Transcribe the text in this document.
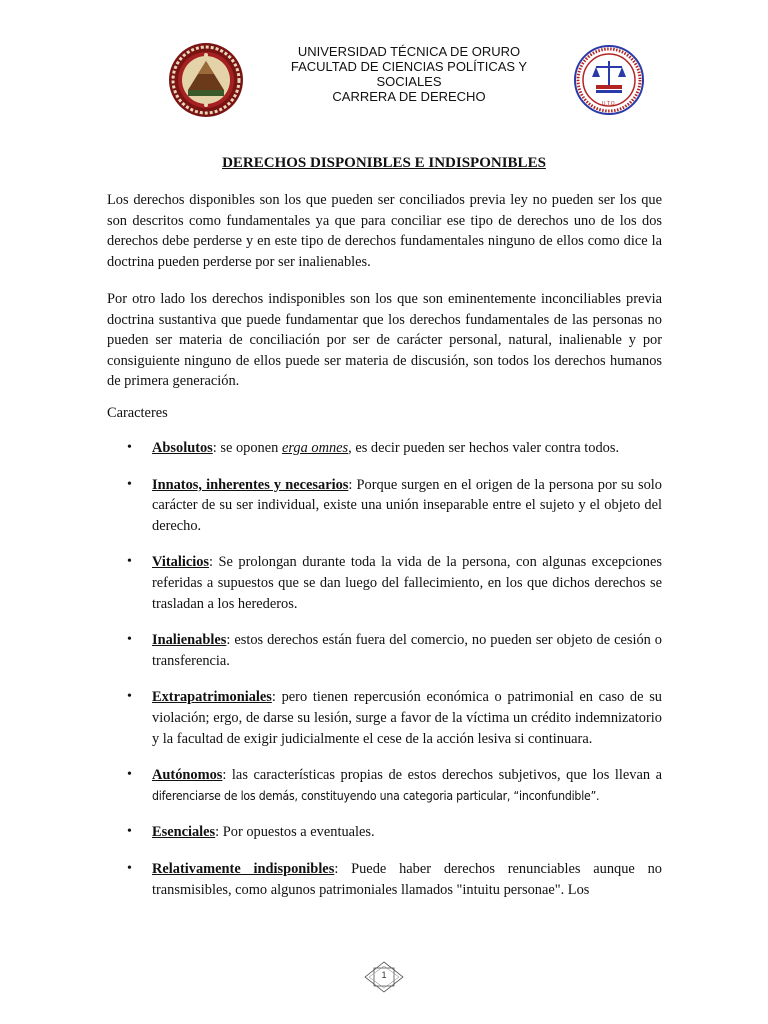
UNIVERSIDAD TÉCNICA DE ORURO
FACULTAD DE CIENCIAS POLÍTICAS Y
SOCIALES
CARRERA DE DERECHO	U.T.O.
DERECHOS DISPONIBLES E INDISPONIBLES

Los derechos disponibles son los que pueden ser conciliados previa ley no pueden ser los que son descritos como fundamentales ya que para conciliar ese tipo de derechos uno de los dos derechos debe perderse y en este tipo de derechos fundamentales ninguno de ellos como dice la doctrina pueden perderse por ser inalienables.

Por otro lado los derechos indisponibles son los que son eminentemente inconciliables previa doctrina sustantiva que puede fundamentar que los derechos fundamentales de las personas no pueden ser materia de conciliación por ser de carácter personal, natural, inalienable y por consiguiente ninguno de ellos puede ser materia de discusión, son todos los derechos humanos de primera generación.

Caracteres
• Absolutos: se oponen erga omnes, es decir pueden ser hechos valer contra todos.
• Innatos, inherentes y necesarios: Porque surgen en el origen de la persona por su solo carácter de su ser individual, existe una unión inseparable entre el sujeto y el objeto del derecho.
• Vitalicios: Se prolongan durante toda la vida de la persona, con algunas excepciones referidas a supuestos que se dan luego del fallecimiento, en los que dichos derechos se trasladan a los herederos.
• Inalienables: estos derechos están fuera del comercio, no pueden ser objeto de cesión o transferencia.
• Extrapatrimoniales: pero tienen repercusión económica o patrimonial en caso de su violación; ergo, de darse su lesión, surge a favor de la víctima un crédito indemnizatorio y la facultad de exigir judicialmente el cese de la acción lesiva si continuara.
• Autónomos: las características propias de estos derechos subjetivos, que los llevan a diferenciarse de los demás, constituyendo una categoria particular, “inconfundible”.
• Esenciales: Por opuestos a eventuales.
• Relativamente indisponibles: Puede haber derechos renunciables aunque no transmisibles, como algunos patrimoniales llamados "intuitu personae". Los
1
